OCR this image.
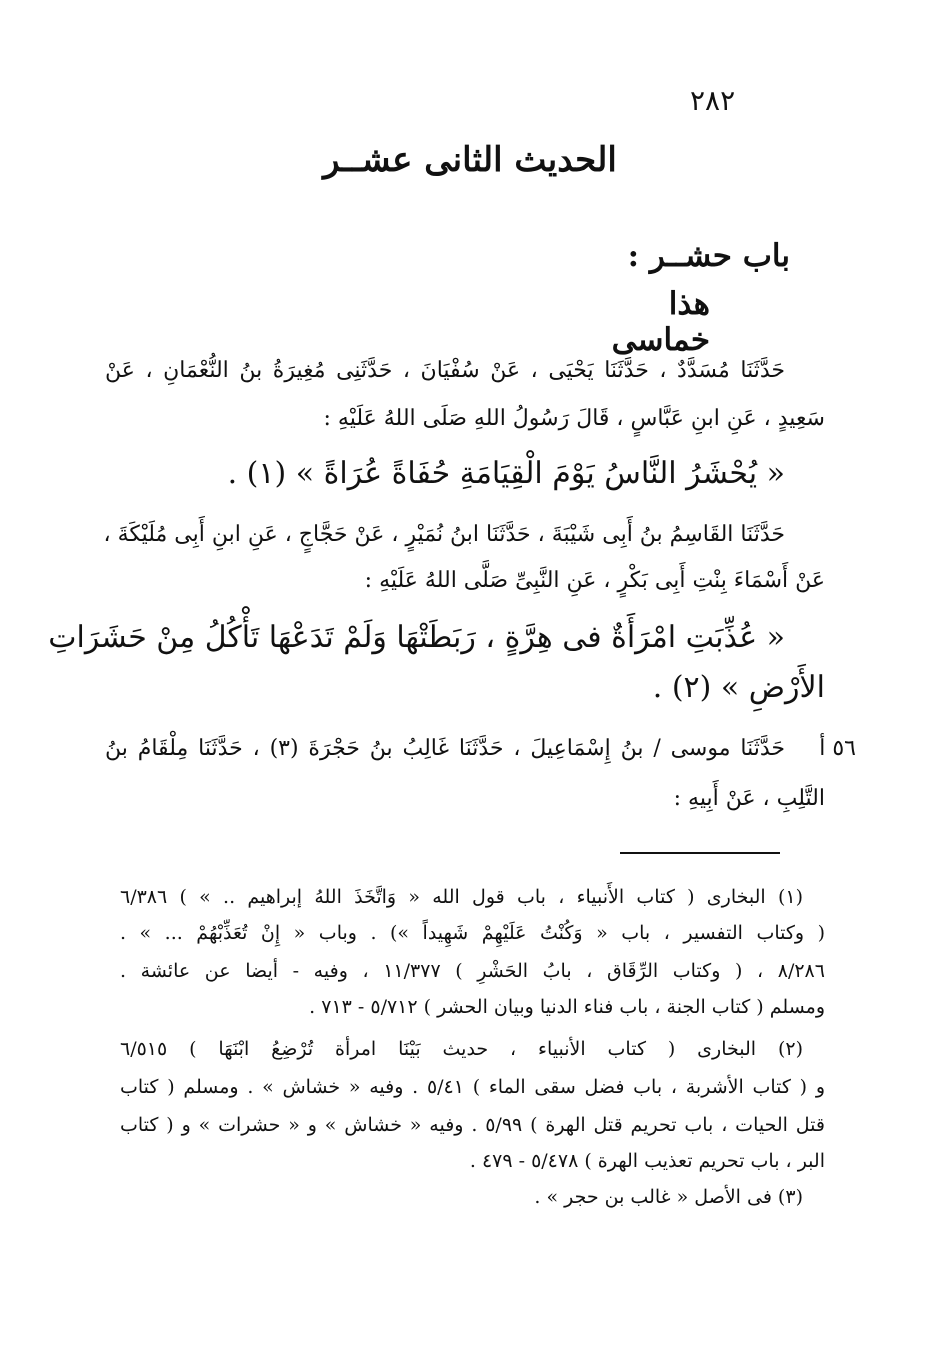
٢٨٢
الحديث الثانى عشــر
باب حشــر :
هذا خماسى
حَدَّثَنَا مُسَدَّدٌ ، حَدَّثَنَا يَحْيَى ، عَنْ سُفْيَانَ ، حَدَّثَنِى مُغِيرَةُ بنُ النُّعْمَانِ ، عَنْ
سَعِيدٍ ، عَنِ ابنِ عَبَّاسٍ ، قَالَ رَسُولُ اللهِ صَلَى اللهُ عَلَيْهِ :
« يُحْشَرُ النَّاسُ يَوْمَ الْقِيَامَةِ حُفَاةً عُرَاةً » (١) .
حَدَّثَنَا القَاسِمُ بنُ أَبِى شَيْبَةَ ، حَدَّثَنَا ابنُ نُمَيْرٍ ، عَنْ حَجَّاجٍ ، عَنِ ابنِ أَبِى مُلَيْكَةَ ،
عَنْ أَسْمَاءَ بِنْتِ أَبِى بَكْرٍ ، عَنِ النَّبِىِّ صَلَّى اللهُ عَلَيْهِ :
« عُذِّبَتِ امْرَأَةٌ فى هِرَّةٍ ، رَبَطَتْهَا وَلَمْ تَدَعْهَا تَأْكُلُ مِنْ حَشَرَاتِ
الأَرْضِ » (٢) .
٥٦ أ
حَدَّثَنَا موسى / بنُ إِسْمَاعِيلَ ، حَدَّثَنَا غَالِبُ بنُ حَجْرَةَ (٣) ، حَدَّثَنَا مِلْقَامُ بنُ
التَّلِبِ ، عَنْ أَبِيهِ :
(١) البخارى ( كتاب الأَنبياء ، باب قول الله « وَاتَّخَذَ اللهُ إبراهيم .. » ) ٦/٣٨٦
( وكتاب التفسير ، باب « وَكُنْتُ عَلَيْهِمْ شَهِيداً ») . وباب « إِنْ تُعَذِّبْهُمْ ... » .
٨/٢٨٦ ، ( وكتاب الرِّقَاق ، بابُ الحَشْرِ ) ١١/٣٧٧ ، وفيه - أيضا عن عائشة .
ومسلم ( كتاب الجنة ، باب فناء الدنيا وبيان الحشر ) ٥/٧١٢ - ٧١٣ .
(٢) البخارى ( كتاب الأنبياء ، حديث بَيْنَا امرأة تُرْضِعُ ابْنَهَا ) ٦/٥١٥
و ( كتاب الأشربة ، باب فضل سقى الماء ) ٥/٤١ . وفيه « خشاش » . ومسلم ( كتاب
قتل الحيات ، باب تحريم قتل الهرة ) ٥/٩٩ . وفيه « خشاش » و « حشرات » و ( كتاب
البر ، باب تحريم تعذيب الهرة ) ٥/٤٧٨ - ٤٧٩ .
(٣) فى الأصل « غالب بن حجر » .
